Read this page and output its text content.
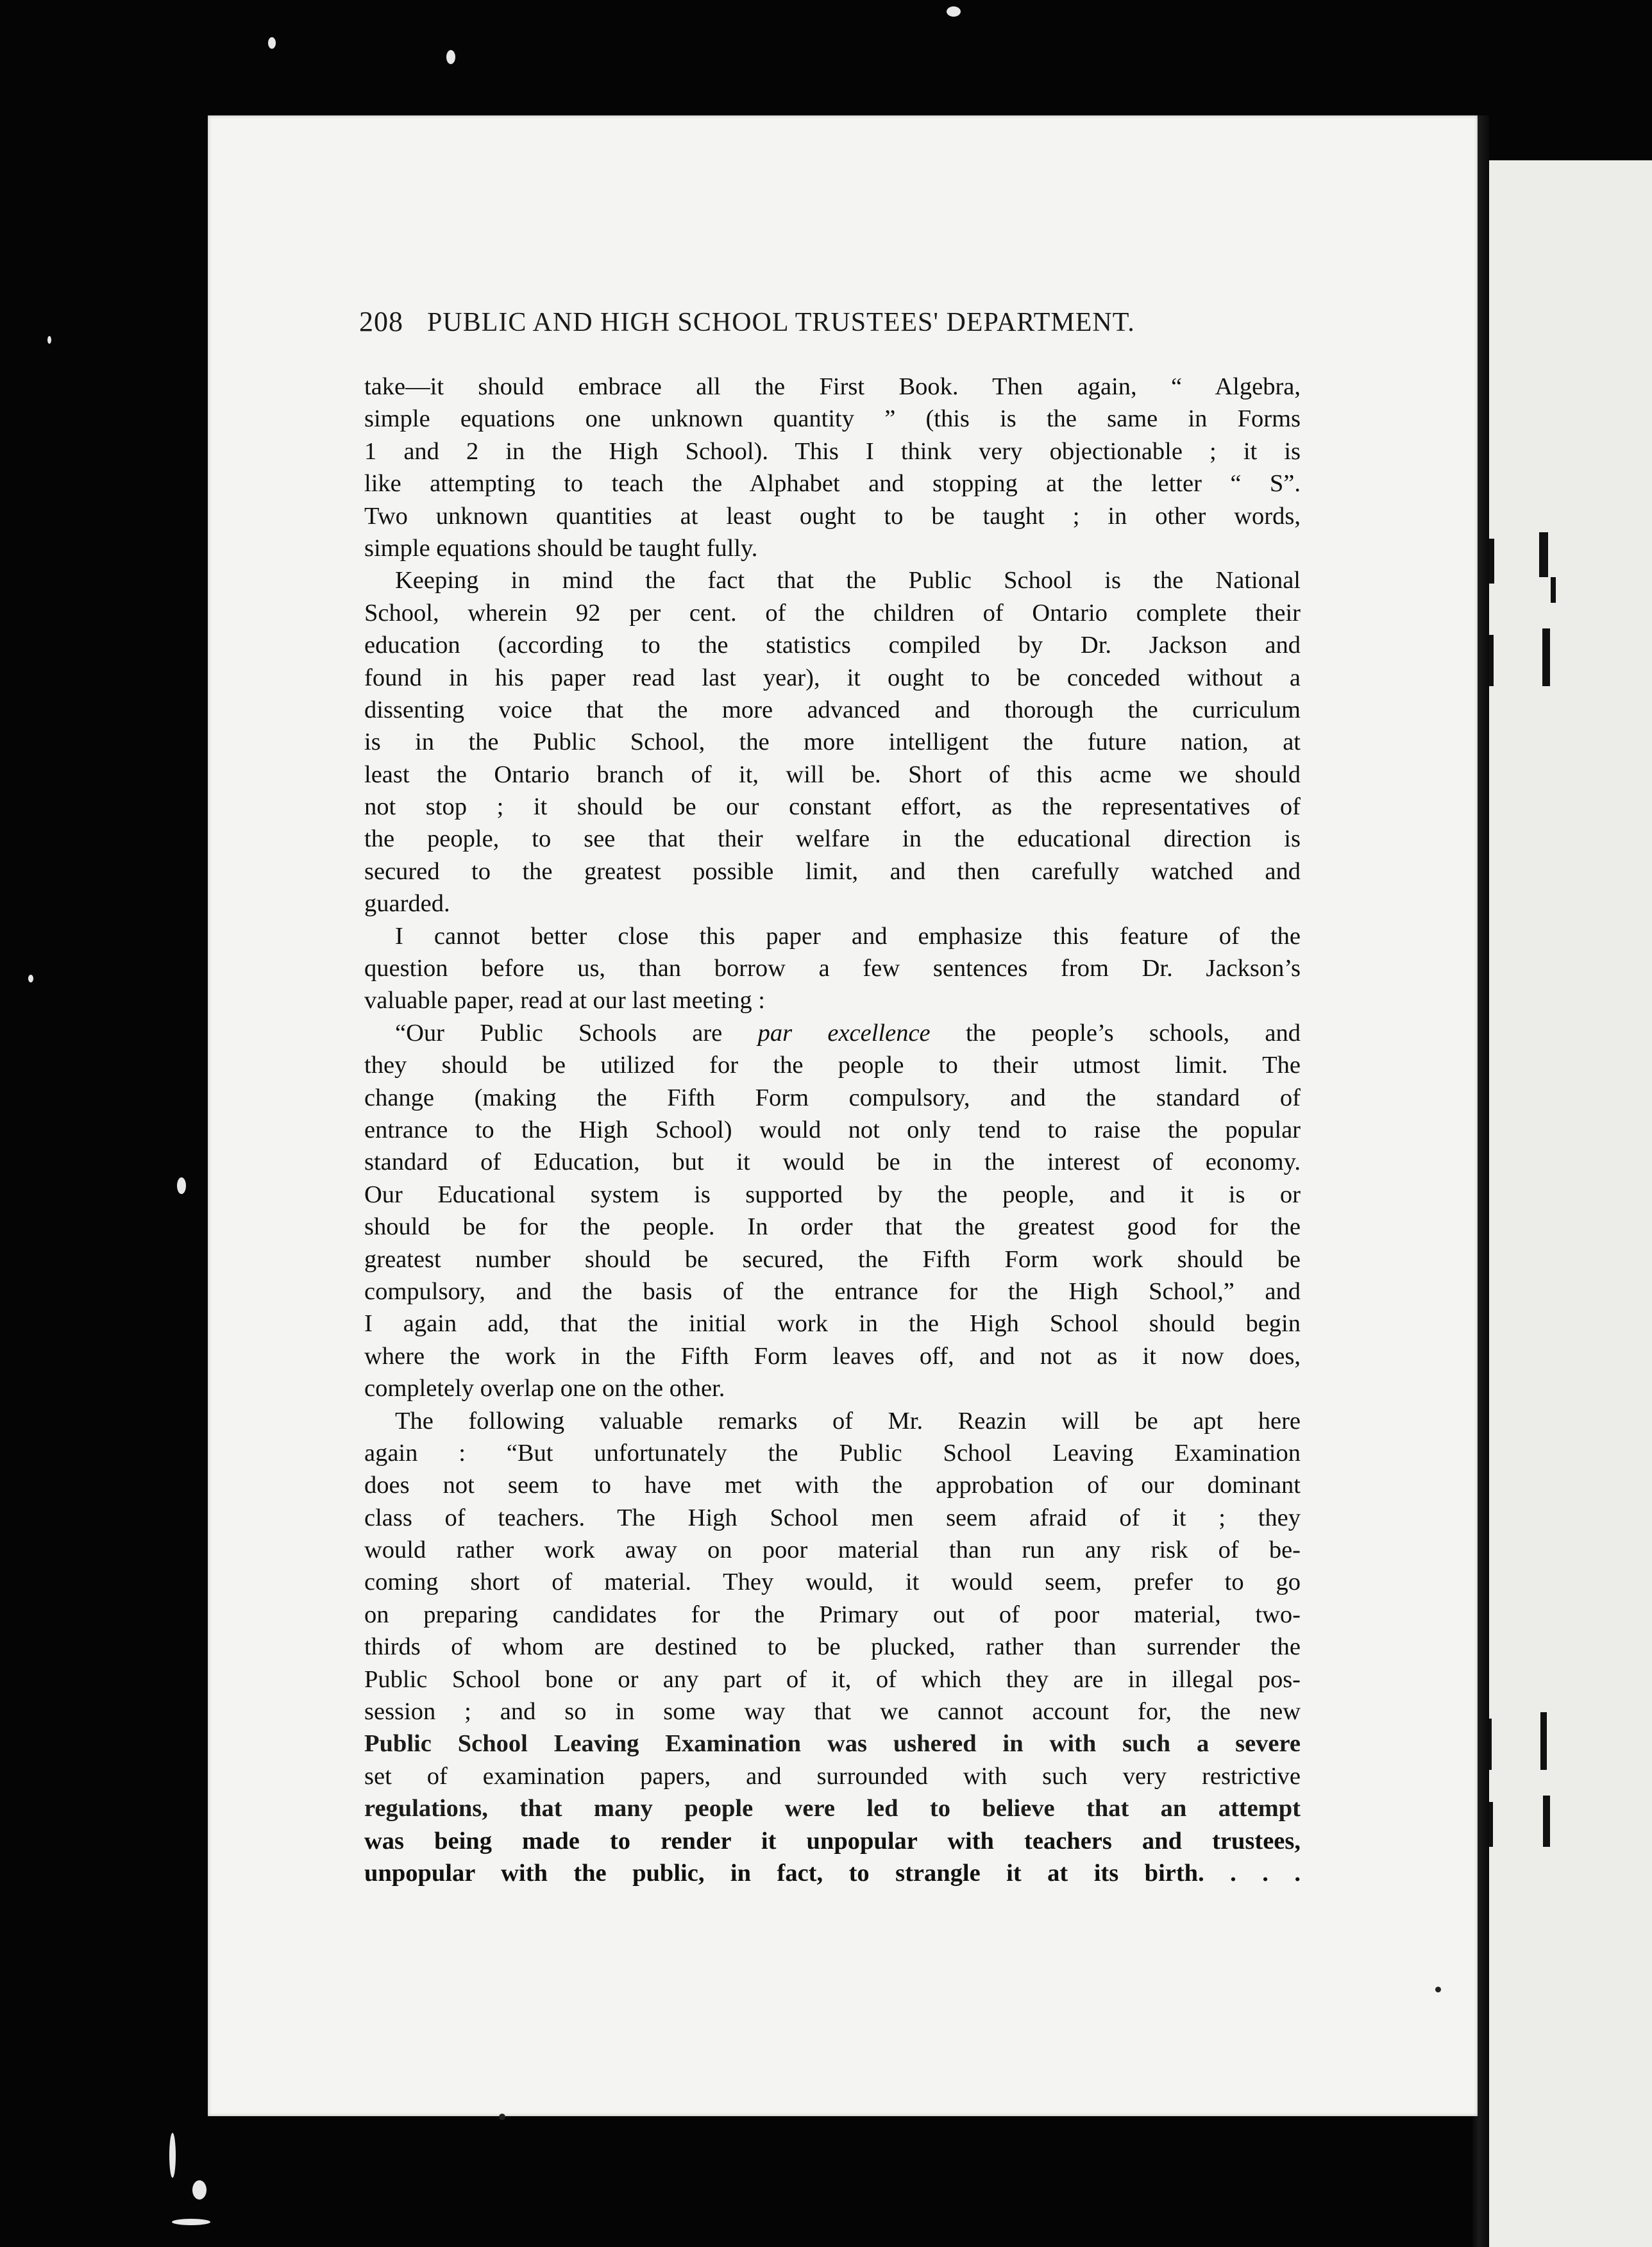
208 PUBLIC AND HIGH SCHOOL TRUSTEES' DEPARTMENT.
take—it should embrace all the First Book. Then again, “ Algebra,
simple equations one unknown quantity ” (this is the same in Forms
1 and 2 in the High School). This I think very objectionable ; it is
like attempting to teach the Alphabet and stopping at the letter “ S”.
Two unknown quantities at least ought to be taught ; in other words,
simple equations should be taught fully.
Keeping in mind the fact that the Public School is the National
School, wherein 92 per cent. of the children of Ontario complete their
education (according to the statistics compiled by Dr. Jackson and
found in his paper read last year), it ought to be conceded without a
dissenting voice that the more advanced and thorough the curriculum
is in the Public School, the more intelligent the future nation, at
least the Ontario branch of it, will be. Short of this acme we should
not stop ; it should be our constant effort, as the representatives of
the people, to see that their welfare in the educational direction is
secured to the greatest possible limit, and then carefully watched and
guarded.
I cannot better close this paper and emphasize this feature of the
question before us, than borrow a few sentences from Dr. Jackson’s
valuable paper, read at our last meeting :
“Our Public Schools are par excellence the people’s schools, and
they should be utilized for the people to their utmost limit. The
change (making the Fifth Form compulsory, and the standard of
entrance to the High School) would not only tend to raise the popular
standard of Education, but it would be in the interest of economy.
Our Educational system is supported by the people, and it is or
should be for the people. In order that the greatest good for the
greatest number should be secured, the Fifth Form work should be
compulsory, and the basis of the entrance for the High School,” and
I again add, that the initial work in the High School should begin
where the work in the Fifth Form leaves off, and not as it now does,
completely overlap one on the other.
The following valuable remarks of Mr. Reazin will be apt here
again : “But unfortunately the Public School Leaving Examination
does not seem to have met with the approbation of our dominant
class of teachers. The High School men seem afraid of it ; they
would rather work away on poor material than run any risk of be-
coming short of material. They would, it would seem, prefer to go
on preparing candidates for the Primary out of poor material, two-
thirds of whom are destined to be plucked, rather than surrender the
Public School bone or any part of it, of which they are in illegal pos-
session ; and so in some way that we cannot account for, the new
Public School Leaving Examination was ushered in with such a severe
set of examination papers, and surrounded with such very restrictive
regulations, that many people were led to believe that an attempt
was being made to render it unpopular with teachers and trustees,
unpopular with the public, in fact, to strangle it at its birth. . . .
